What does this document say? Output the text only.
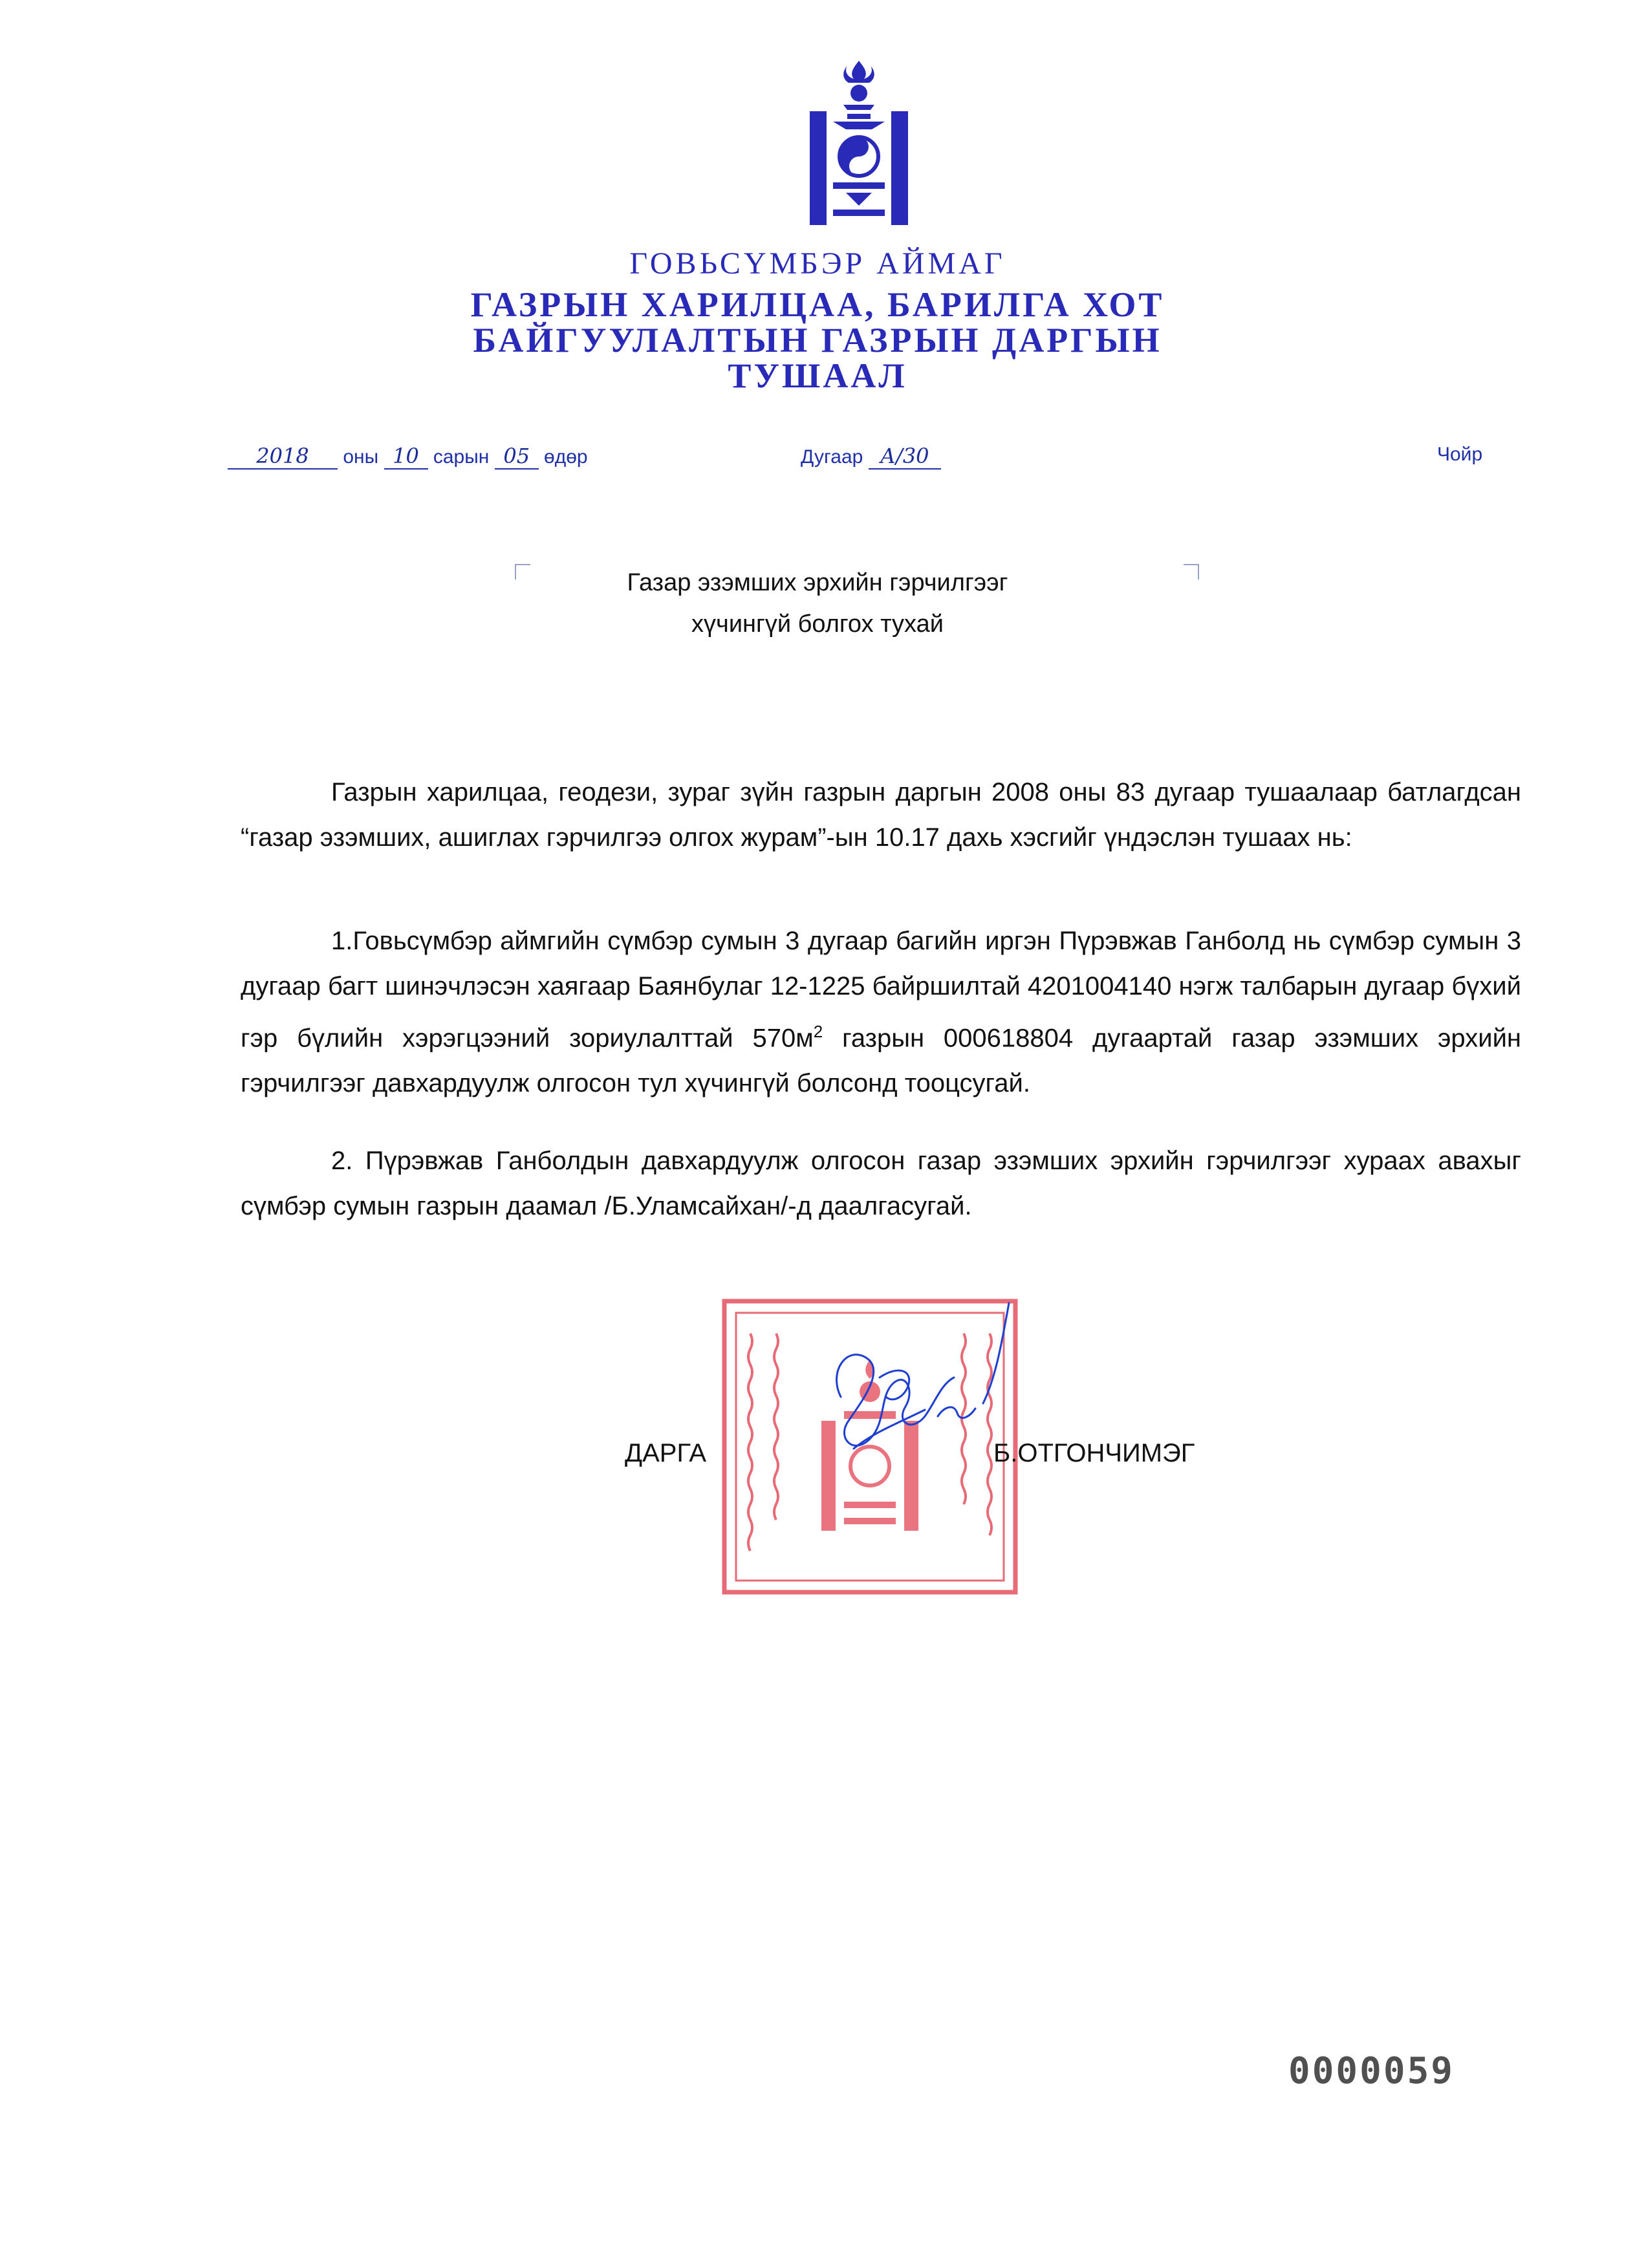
ГОВЬСҮМБЭР АЙМАГ
ГАЗРЫН ХАРИЛЦАА, БАРИЛГА ХОТ
БАЙГУУЛАЛТЫН ГАЗРЫН ДАРГЫН
ТУШААЛ
2018 оны 10 сарын 05 өдөр	Дугаар А/30	Чойр
Газар эзэмших эрхийн гэрчилгээг
хүчингүй болгох тухай

Газрын харилцаа, геодези, зураг зүйн газрын даргын 2008 оны 83 дугаар тушаалаар батлагдсан “газар эзэмших, ашиглах гэрчилгээ олгох журам”-ын 10.17 дахь хэсгийг үндэслэн тушаах нь:

1.Говьсүмбэр аймгийн сүмбэр сумын 3 дугаар багийн иргэн Пүрэвжав Ганболд нь сүмбэр сумын 3 дугаар багт шинэчлэсэн хаягаар Баянбулаг 12-1225 байршилтай 4201004140 нэгж талбарын дугаар бүхий гэр бүлийн хэрэгцээний зориулалттай $570м^2$ газрын 000618804 дугаартай газар эзэмших эрхийн гэрчилгээг давхардуулж олгосон тул хүчингүй болсонд тооцсугай.

2. Пүрэвжав Ганболдын давхардуулж олгосон газар эзэмших эрхийн гэрчилгээг хураах авахыг сүмбэр сумын газрын даамал /Б.Уламсайхан/-д даалгасугай.

ДАРГА	Б.ОТГОНЧИМЭГ
0000059
